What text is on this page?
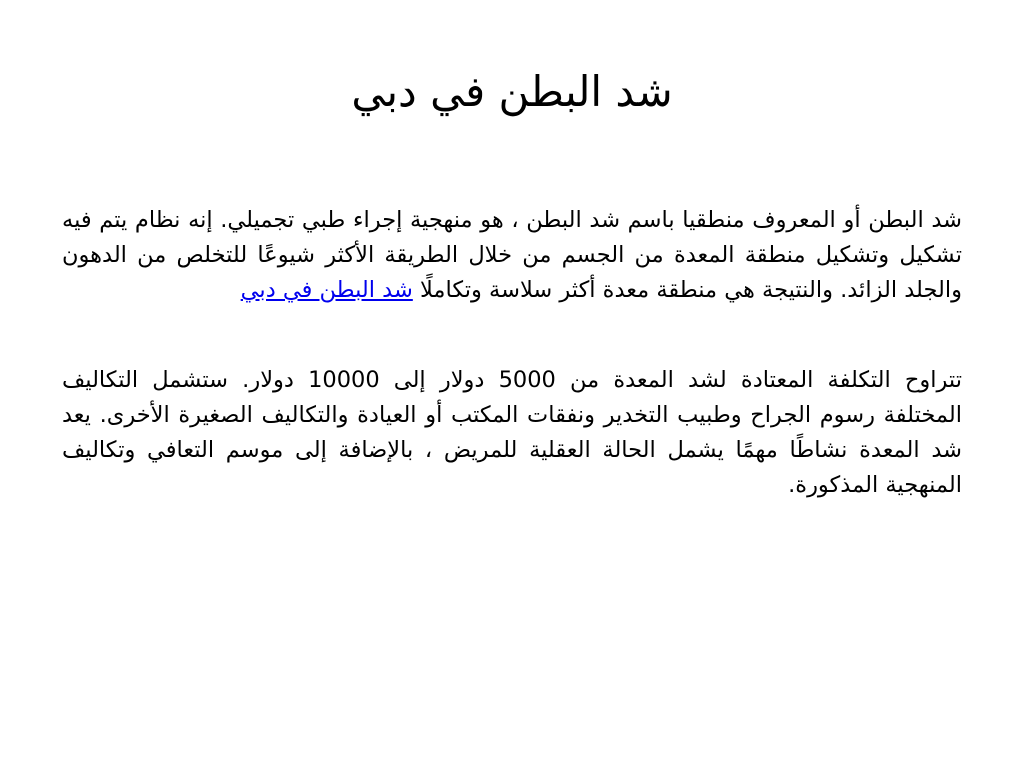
شد البطن في دبي

شد البطن أو المعروف منطقيا باسم شد البطن ، هو منهجية إجراء طبي تجميلي. إنه نظام يتم فيه تشكيل وتشكيل منطقة المعدة من الجسم من خلال الطريقة الأكثر شيوعًا للتخلص من الدهون والجلد الزائد. والنتيجة هي منطقة معدة أكثر سلاسة وتكاملًا شد البطن في دبي

تتراوح التكلفة المعتادة لشد المعدة من 5000 دولار إلى 10000 دولار. ستشمل التكاليف المختلفة رسوم الجراح وطبيب التخدير ونفقات المكتب أو العيادة والتكاليف الصغيرة الأخرى. يعد شد المعدة نشاطًا مهمًا يشمل الحالة العقلية للمريض ، بالإضافة إلى موسم التعافي وتكاليف المنهجية المذكورة.
